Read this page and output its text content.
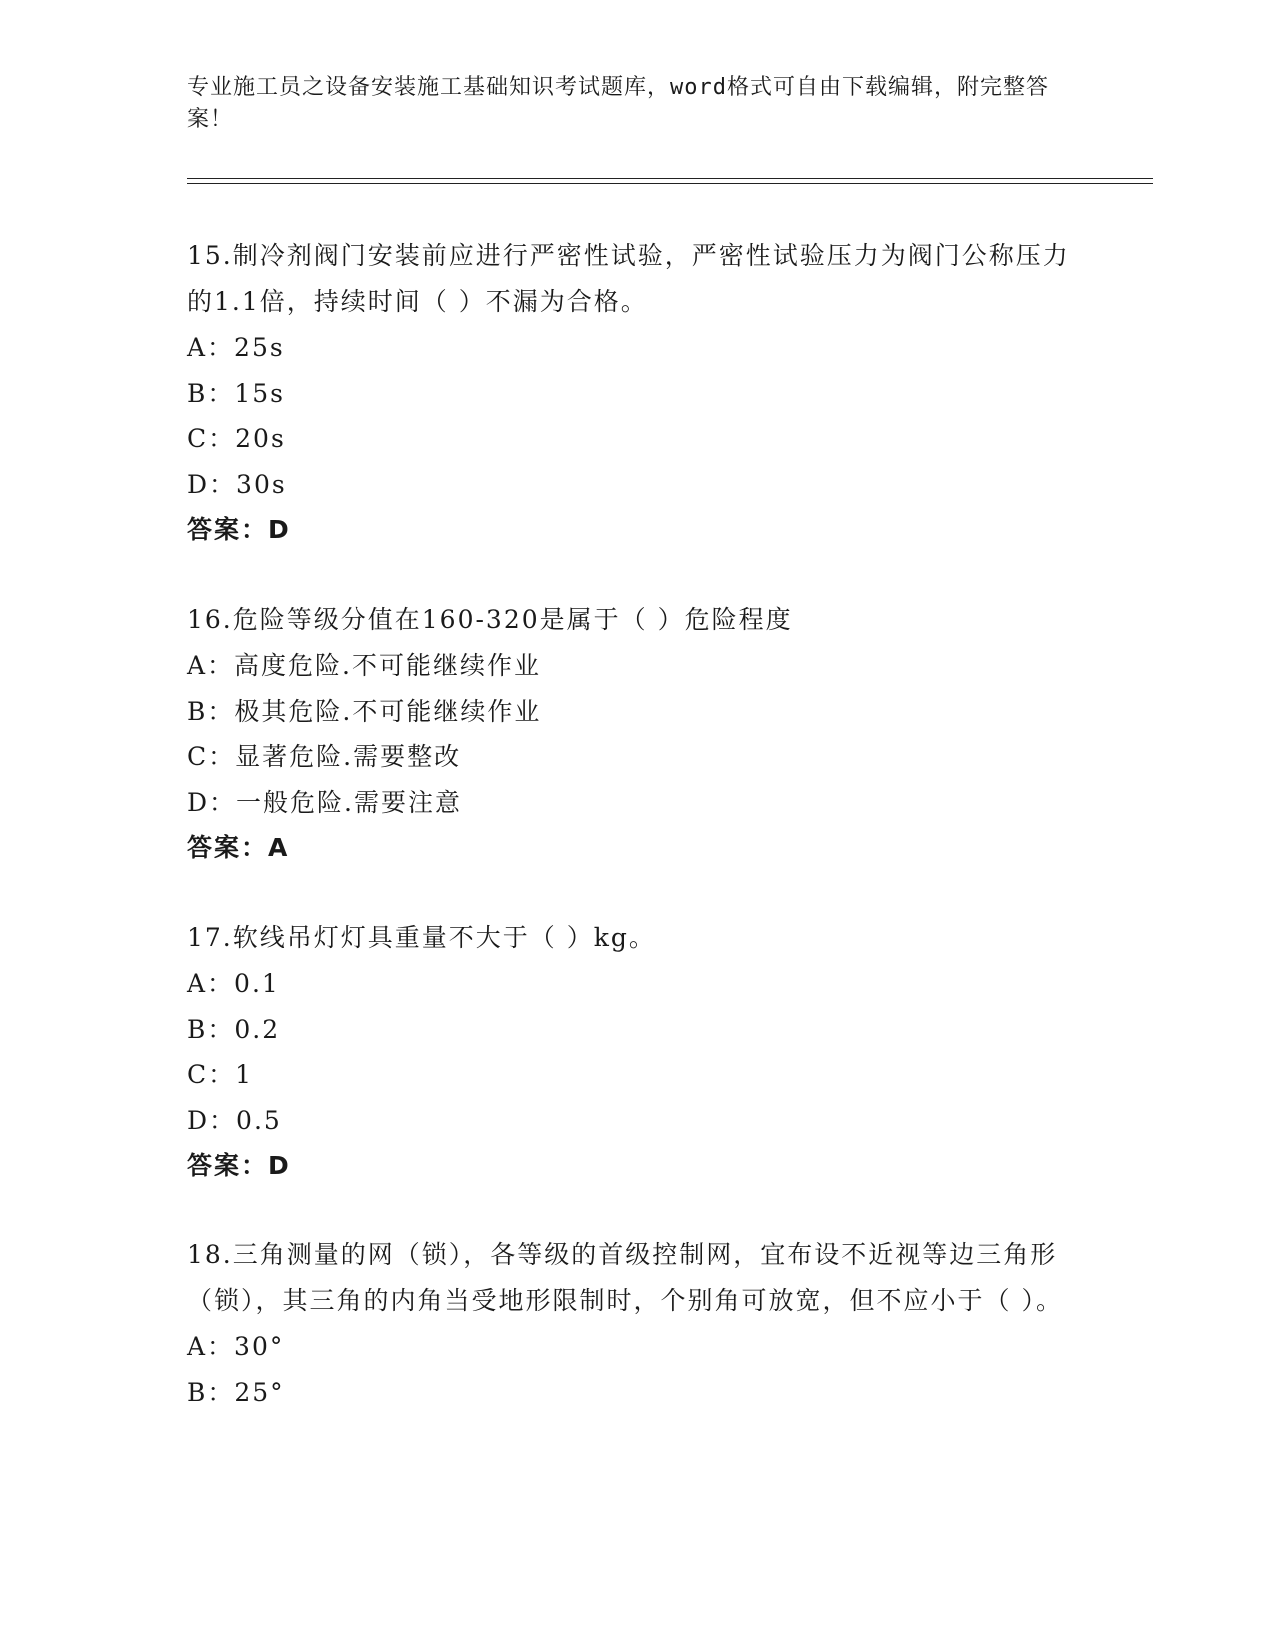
专业施工员之设备安装施工基础知识考试题库，word格式可自由下载编辑，附完整答案！

15.制冷剂阀门安装前应进行严密性试验，严密性试验压力为阀门公称压力的1.1倍，持续时间（ ）不漏为合格。

A：25s

B：15s

C：20s

D：30s

答案：D

16.危险等级分值在160-320是属于（ ）危险程度

A：高度危险.不可能继续作业

B：极其危险.不可能继续作业

C：显著危险.需要整改

D：一般危险.需要注意

答案：A

17.软线吊灯灯具重量不大于（ ）kg。

A：0.1

B：0.2

C：1

D：0.5

答案：D

18.三角测量的网（锁），各等级的首级控制网，宜布设不近视等边三角形（锁），其三角的内角当受地形限制时，个别角可放宽，但不应小于（ ）。

A：30°

B：25°
